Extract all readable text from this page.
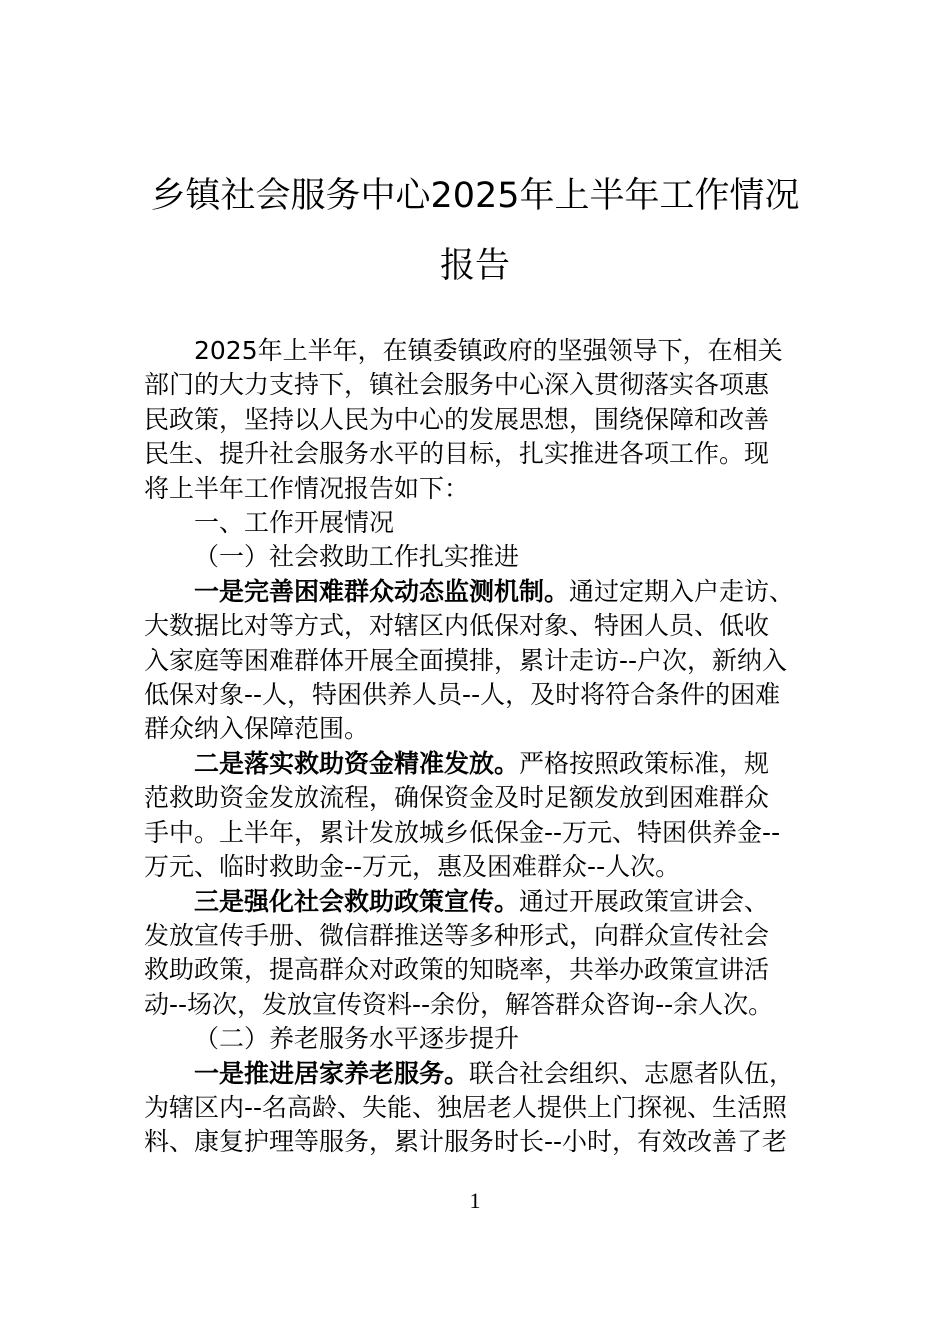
乡镇社会服务中心2025年上半年工作情况
报告

2025年上半年，在镇委镇政府的坚强领导下，在相关

部门的大力支持下，镇社会服务中心深入贯彻落实各项惠

民政策，坚持以人民为中心的发展思想，围绕保障和改善

民生、提升社会服务水平的目标，扎实推进各项工作。现

将上半年工作情况报告如下：

一、工作开展情况

（一）社会救助工作扎实推进

一是完善困难群众动态监测机制。通过定期入户走访、

大数据比对等方式，对辖区内低保对象、特困人员、低收

入家庭等困难群体开展全面摸排，累计走访--户次，新纳入

低保对象--人，特困供养人员--人，及时将符合条件的困难

群众纳入保障范围。

二是落实救助资金精准发放。严格按照政策标准，规

范救助资金发放流程，确保资金及时足额发放到困难群众

手中。上半年，累计发放城乡低保金--万元、特困供养金--

万元、临时救助金--万元，惠及困难群众--人次。

三是强化社会救助政策宣传。通过开展政策宣讲会、

发放宣传手册、微信群推送等多种形式，向群众宣传社会

救助政策，提高群众对政策的知晓率，共举办政策宣讲活

动--场次，发放宣传资料--余份，解答群众咨询--余人次。

（二）养老服务水平逐步提升

一是推进居家养老服务。联合社会组织、志愿者队伍，

为辖区内--名高龄、失能、独居老人提供上门探视、生活照

料、康复护理等服务，累计服务时长--小时，有效改善了老

1
